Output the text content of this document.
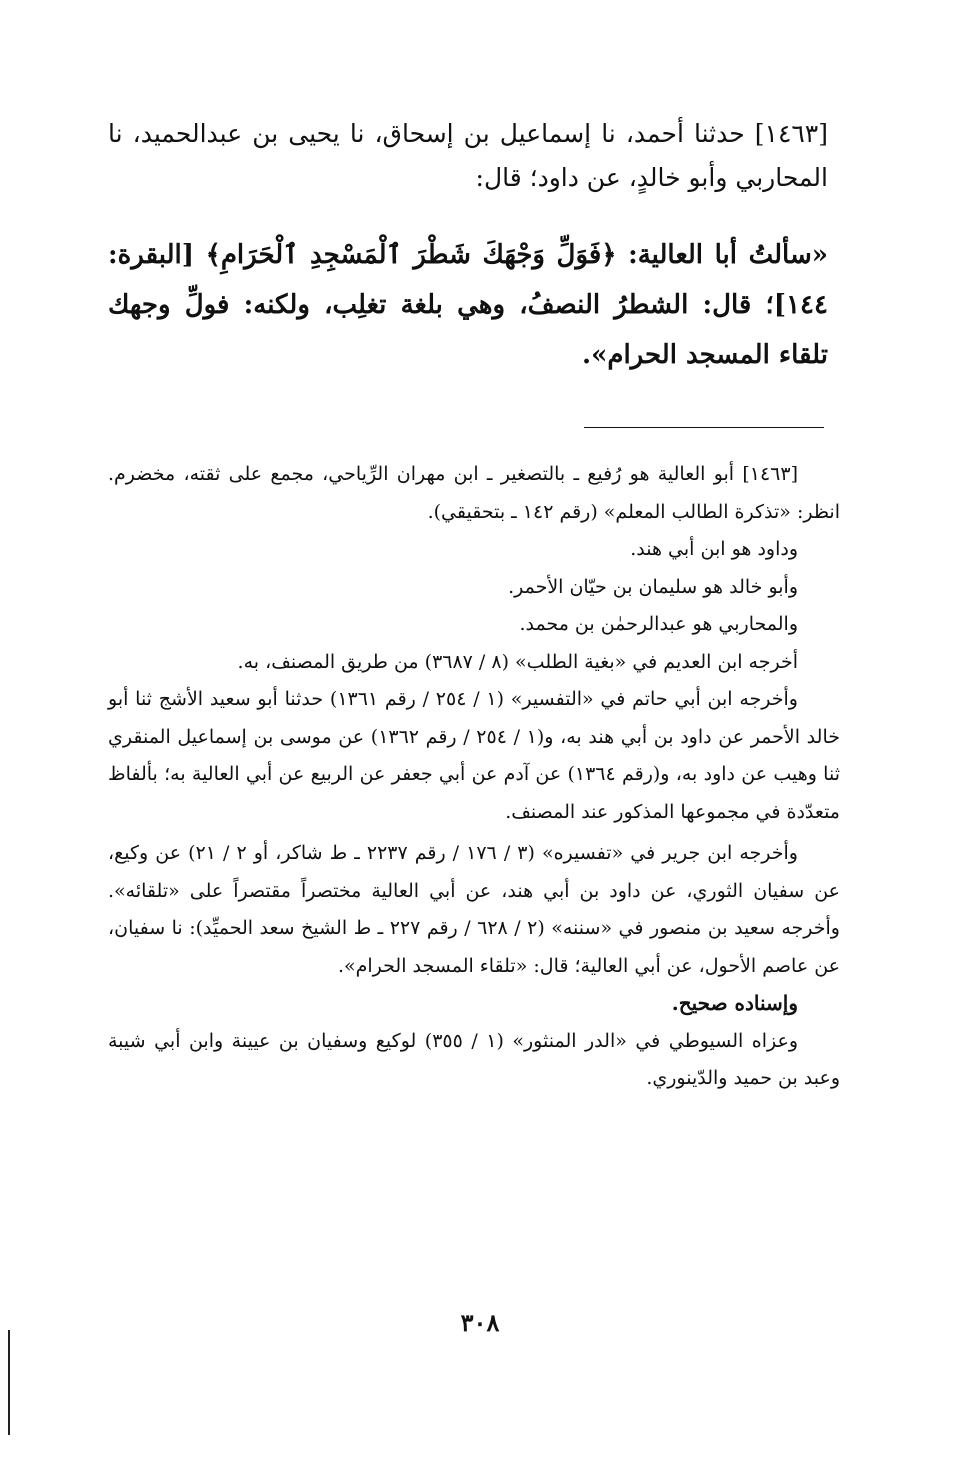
[١٤٦٣] حدثنا أحمد، نا إسماعيل بن إسحاق، نا يحيى بن عبدالحميد، نا المحاربي وأبو خالدٍ، عن داود؛ قال:

«سألتُ أبا العالية: ﴿فَوَلِّ وَجْهَكَ شَطْرَ ٱلْمَسْجِدِ ٱلْحَرَامِ﴾ [البقرة: ١٤٤]؛ قال: الشطرُ النصفُ، وهي بلغة تغلِب، ولكنه: فولِّ وجهك تلقاء المسجد الحرام».

[١٤٦٣] أبو العالية هو رُفيع ـ بالتصغير ـ ابن مهران الرِّياحي، مجمع على ثقته، مخضرم. انظر: «تذكرة الطالب المعلم» (رقم ١٤٢ ـ بتحقيقي).

وداود هو ابن أبي هند.

وأبو خالد هو سليمان بن حيّان الأحمر.

والمحاربي هو عبدالرحمٰن بن محمد.

أخرجه ابن العديم في «بغية الطلب» (٨ / ٣٦٨٧) من طريق المصنف، به.

وأخرجه ابن أبي حاتم في «التفسير» (١ / ٢٥٤ / رقم ١٣٦١) حدثنا أبو سعيد الأشج ثنا أبو خالد الأحمر عن داود بن أبي هند به، و(١ / ٢٥٤ / رقم ١٣٦٢) عن موسى بن إسماعيل المنقري ثنا وهيب عن داود به، و(رقم ١٣٦٤) عن آدم عن أبي جعفر عن الربيع عن أبي العالية به؛ بألفاظ متعدّدة في مجموعها المذكور عند المصنف.

وأخرجه ابن جرير في «تفسيره» (٣ / ١٧٦ / رقم ٢٢٣٧ ـ ط شاكر، أو ٢ / ٢١) عن وكيع، عن سفيان الثوري، عن داود بن أبي هند، عن أبي العالية مختصراً مقتصراً على «تلقائه». وأخرجه سعيد بن منصور في «سننه» (٢ / ٦٢٨ / رقم ٢٢٧ ـ ط الشيخ سعد الحميِّد): نا سفيان، عن عاصم الأحول، عن أبي العالية؛ قال: «تلقاء المسجد الحرام».

وإسناده صحيح.

وعزاه السيوطي في «الدر المنثور» (١ / ٣٥٥) لوكيع وسفيان بن عيينة وابن أبي شيبة وعبد بن حميد والدّينوري.

٣٠٨
